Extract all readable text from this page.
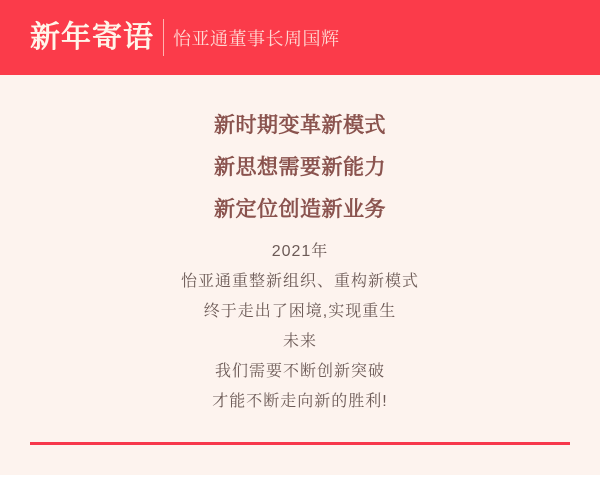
新年寄语 怡亚通董事长周国辉
新时期变革新模式
新思想需要新能力
新定位创造新业务
2021年
怡亚通重整新组织、重构新模式
终于走出了困境,实现重生
未来
我们需要不断创新突破
才能不断走向新的胜利!
